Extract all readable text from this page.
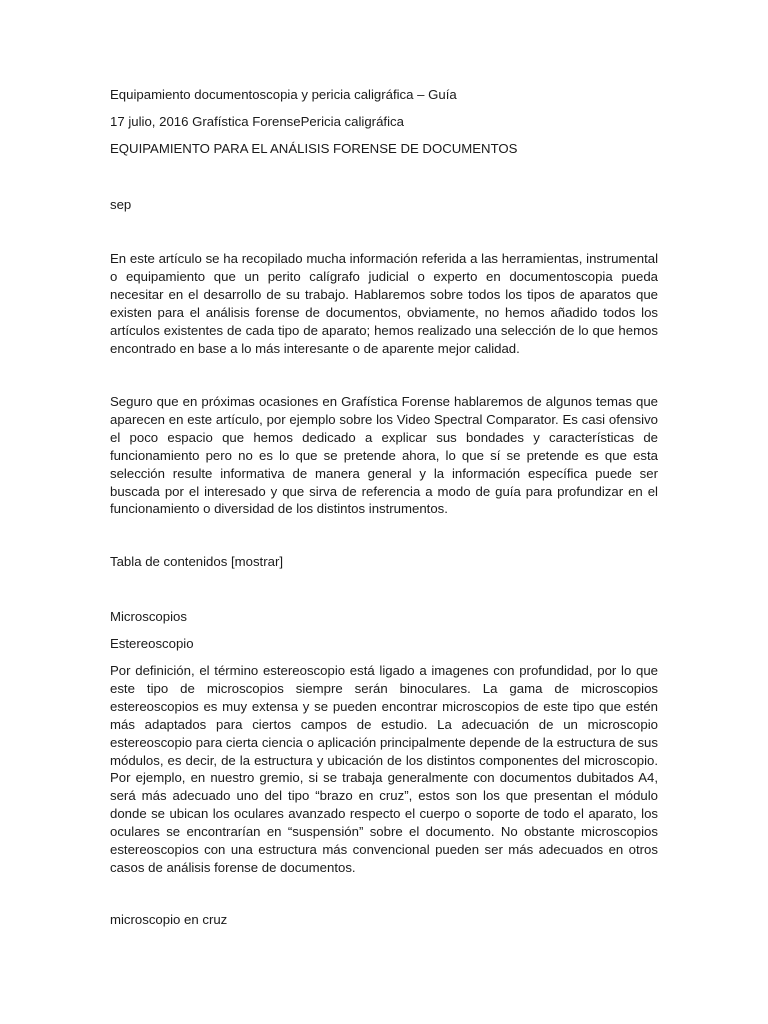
Equipamiento documentoscopia y pericia caligráfica – Guía

17 julio, 2016 Grafística ForensePericia caligráfica

EQUIPAMIENTO PARA EL ANÁLISIS FORENSE DE DOCUMENTOS

sep

En este artículo se ha recopilado mucha información referida a las herramientas, instrumental o equipamiento que un perito calígrafo judicial o experto en documentoscopia pueda necesitar en el desarrollo de su trabajo. Hablaremos sobre todos los tipos de aparatos que existen para el análisis forense de documentos, obviamente, no hemos añadido todos los artículos existentes de cada tipo de aparato; hemos realizado una selección de lo que hemos encontrado en base a lo más interesante o de aparente mejor calidad.

Seguro que en próximas ocasiones en Grafística Forense hablaremos de algunos temas que aparecen en este artículo, por ejemplo sobre los Video Spectral Comparator. Es casi ofensivo el poco espacio que hemos dedicado a explicar sus bondades y características de funcionamiento pero no es lo que se pretende ahora, lo que sí se pretende es que esta selección resulte informativa de manera general y la información específica puede ser buscada por el interesado y que sirva de referencia a modo de guía para profundizar en el funcionamiento o diversidad de los distintos instrumentos.

Tabla de contenidos [mostrar]

Microscopios

Estereoscopio

Por definición, el término estereoscopio está ligado a imagenes con profundidad, por lo que este tipo de microscopios siempre serán binoculares. La gama de microscopios estereoscopios es muy extensa y se pueden encontrar microscopios de este tipo que estén más adaptados para ciertos campos de estudio. La adecuación de un microscopio estereoscopio para cierta ciencia o aplicación principalmente depende de la estructura de sus módulos, es decir, de la estructura y ubicación de los distintos componentes del microscopio. Por ejemplo, en nuestro gremio, si se trabaja generalmente con documentos dubitados A4, será más adecuado uno del tipo “brazo en cruz”, estos son los que presentan el módulo donde se ubican los oculares avanzado respecto el cuerpo o soporte de todo el aparato, los oculares se encontrarían en “suspensión” sobre el documento. No obstante microscopios estereoscopios con una estructura más convencional pueden ser más adecuados en otros casos de análisis forense de documentos.

microscopio en cruz
